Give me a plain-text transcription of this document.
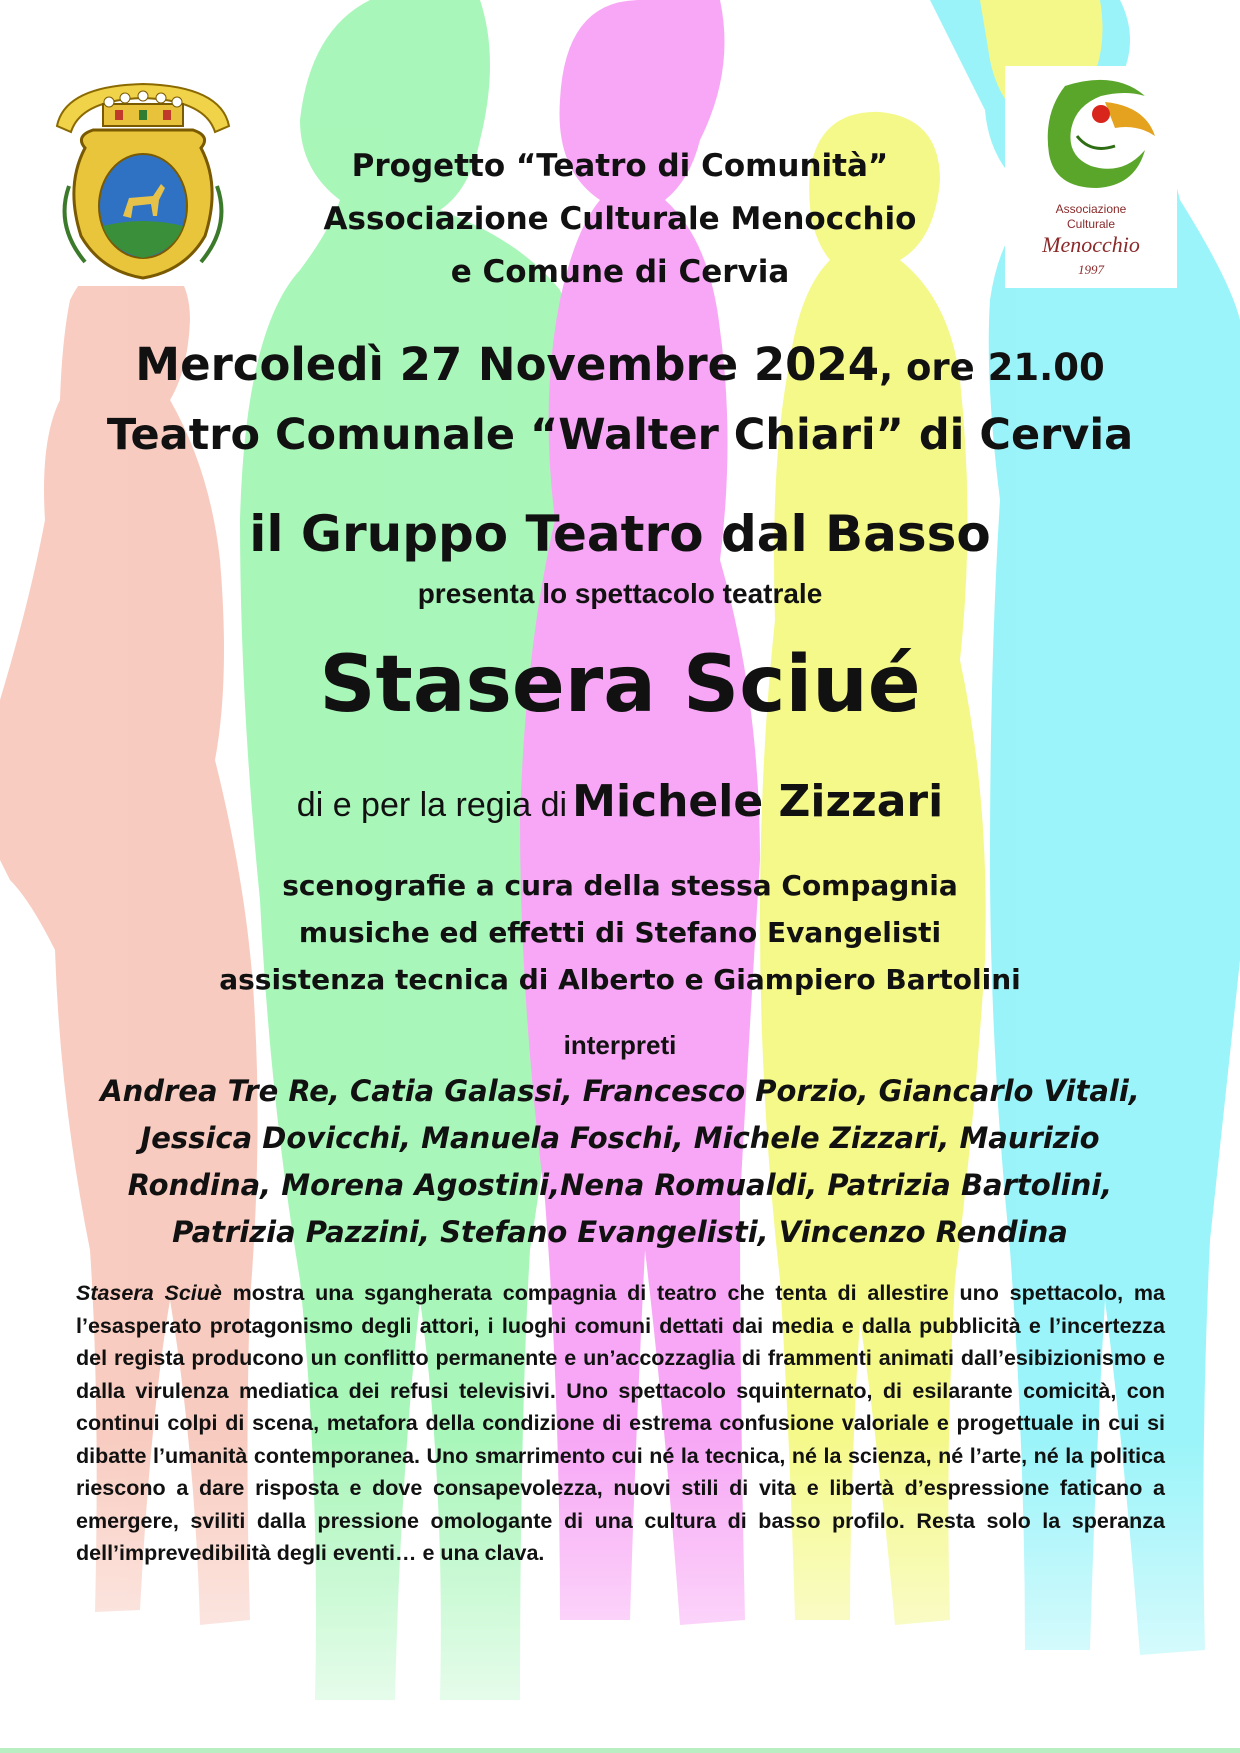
Associazione
Culturale
Menocchio
1997
Progetto “Teatro di Comunità”
Associazione Culturale Menocchio
e Comune di Cervia
Mercoledì 27 Novembre 2024, ore 21.00
Teatro Comunale “Walter Chiari” di Cervia
il Gruppo Teatro dal Basso
presenta lo spettacolo teatrale
Stasera Sciué
di e per la regia di Michele Zizzari
scenografie a cura della stessa Compagnia
musiche ed effetti di Stefano Evangelisti
assistenza tecnica di Alberto e Giampiero Bartolini
interpreti
Andrea Tre Re, Catia Galassi, Francesco Porzio, Giancarlo Vitali,
Jessica Dovicchi, Manuela Foschi, Michele Zizzari, Maurizio
Rondina, Morena Agostini,Nena Romualdi, Patrizia Bartolini,
Patrizia Pazzini, Stefano Evangelisti, Vincenzo Rendina
Stasera Sciuè mostra una sgangherata compagnia di teatro che tenta di allestire uno spettacolo, ma l’esasperato protagonismo degli attori, i luoghi comuni dettati dai media e dalla pubblicità e l’incertezza del regista producono un conflitto permanente e un’accozzaglia di frammenti animati dall’esibizionismo e dalla virulenza mediatica dei refusi televisivi. Uno spettacolo squinternato, di esilarante comicità, con continui colpi di scena, metafora della condizione di estrema confusione valoriale e progettuale in cui si dibatte l’umanità contemporanea. Uno smarrimento cui né la tecnica, né la scienza, né l’arte, né la politica riescono a dare risposta e dove consapevolezza, nuovi stili di vita e libertà d’espressione faticano a emergere, sviliti dalla pressione omologante di una cultura di basso profilo. Resta solo la speranza dell’imprevedibilità degli eventi… e una clava.
